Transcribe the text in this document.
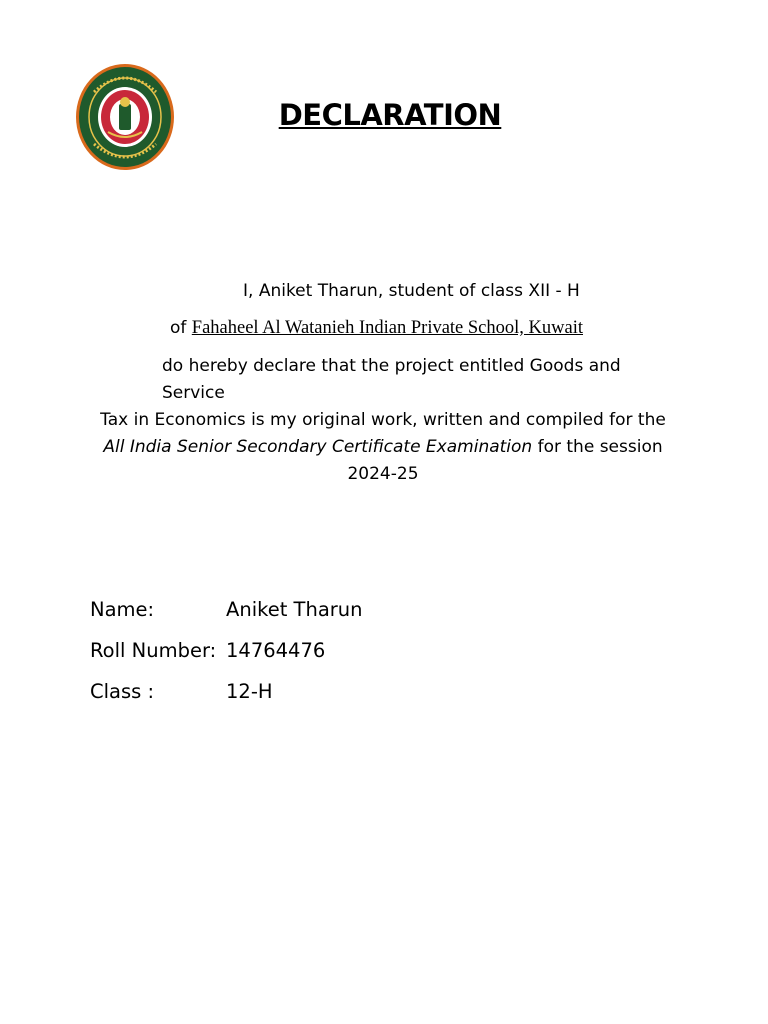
DECLARATION
I, Aniket Tharun, student of class XII - H
of Fahaheel Al Watanieh Indian Private School, Kuwait
do hereby declare that the project entitled Goods and Service
Tax in Economics is my original work, written and compiled for the All India Senior Secondary Certificate Examination for the session 2024-25
Name:	Aniket Tharun
Roll Number: 14764476
Class :	12-H
